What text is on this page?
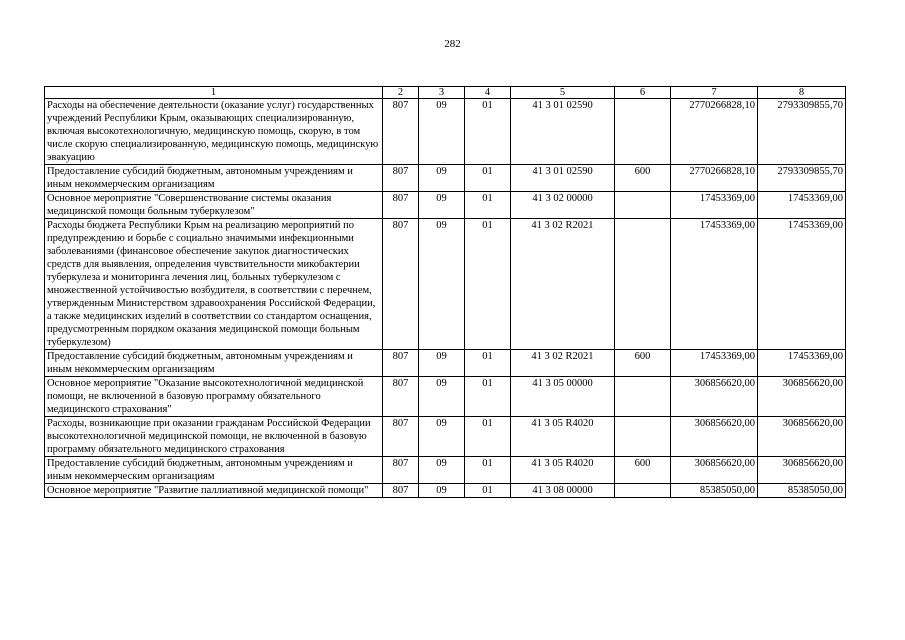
282
1	2	3	4	5	6	7	8
Расходы на обеспечение деятельности (оказание услуг) государственных учреждений Республики Крым, оказывающих специализированную, включая высокотехнологичную, медицинскую помощь, скорую, в том числе скорую специализированную, медицинскую помощь, медицинскую эвакуацию	807	09	01	41 3 01 02590		2770266828,10	2793309855,70
Предоставление субсидий бюджетным, автономным учреждениям и иным некоммерческим организациям	807	09	01	41 3 01 02590	600	2770266828,10	2793309855,70
Основное мероприятие "Совершенствование системы оказания медицинской помощи больным туберкулезом"	807	09	01	41 3 02 00000		17453369,00	17453369,00
Расходы бюджета Республики Крым на реализацию мероприятий по предупреждению и борьбе с социально значимыми инфекционными заболеваниями (финансовое обеспечение закупок диагностических средств для выявления, определения чувствительности микобактерии туберкулеза и мониторинга лечения лиц, больных туберкулезом с множественной устойчивостью возбудителя, в соответствии с перечнем, утвержденным Министерством здравоохранения Российской Федерации, а также медицинских изделий в соответствии со стандартом оснащения, предусмотренным порядком оказания медицинской помощи больным туберкулезом)	807	09	01	41 3 02 R2021		17453369,00	17453369,00
Предоставление субсидий бюджетным, автономным учреждениям и иным некоммерческим организациям	807	09	01	41 3 02 R2021	600	17453369,00	17453369,00
Основное мероприятие "Оказание высокотехнологичной медицинской помощи, не включенной в базовую программу обязательного медицинского страхования"	807	09	01	41 3 05 00000		306856620,00	306856620,00
Расходы, возникающие при оказании гражданам Российской Федерации высокотехнологичной медицинской помощи, не включенной в базовую программу обязательного медицинского страхования	807	09	01	41 3 05 R4020		306856620,00	306856620,00
Предоставление субсидий бюджетным, автономным учреждениям и иным некоммерческим организациям	807	09	01	41 3 05 R4020	600	306856620,00	306856620,00
Основное мероприятие "Развитие паллиативной медицинской помощи"	807	09	01	41 3 08 00000		85385050,00	85385050,00
